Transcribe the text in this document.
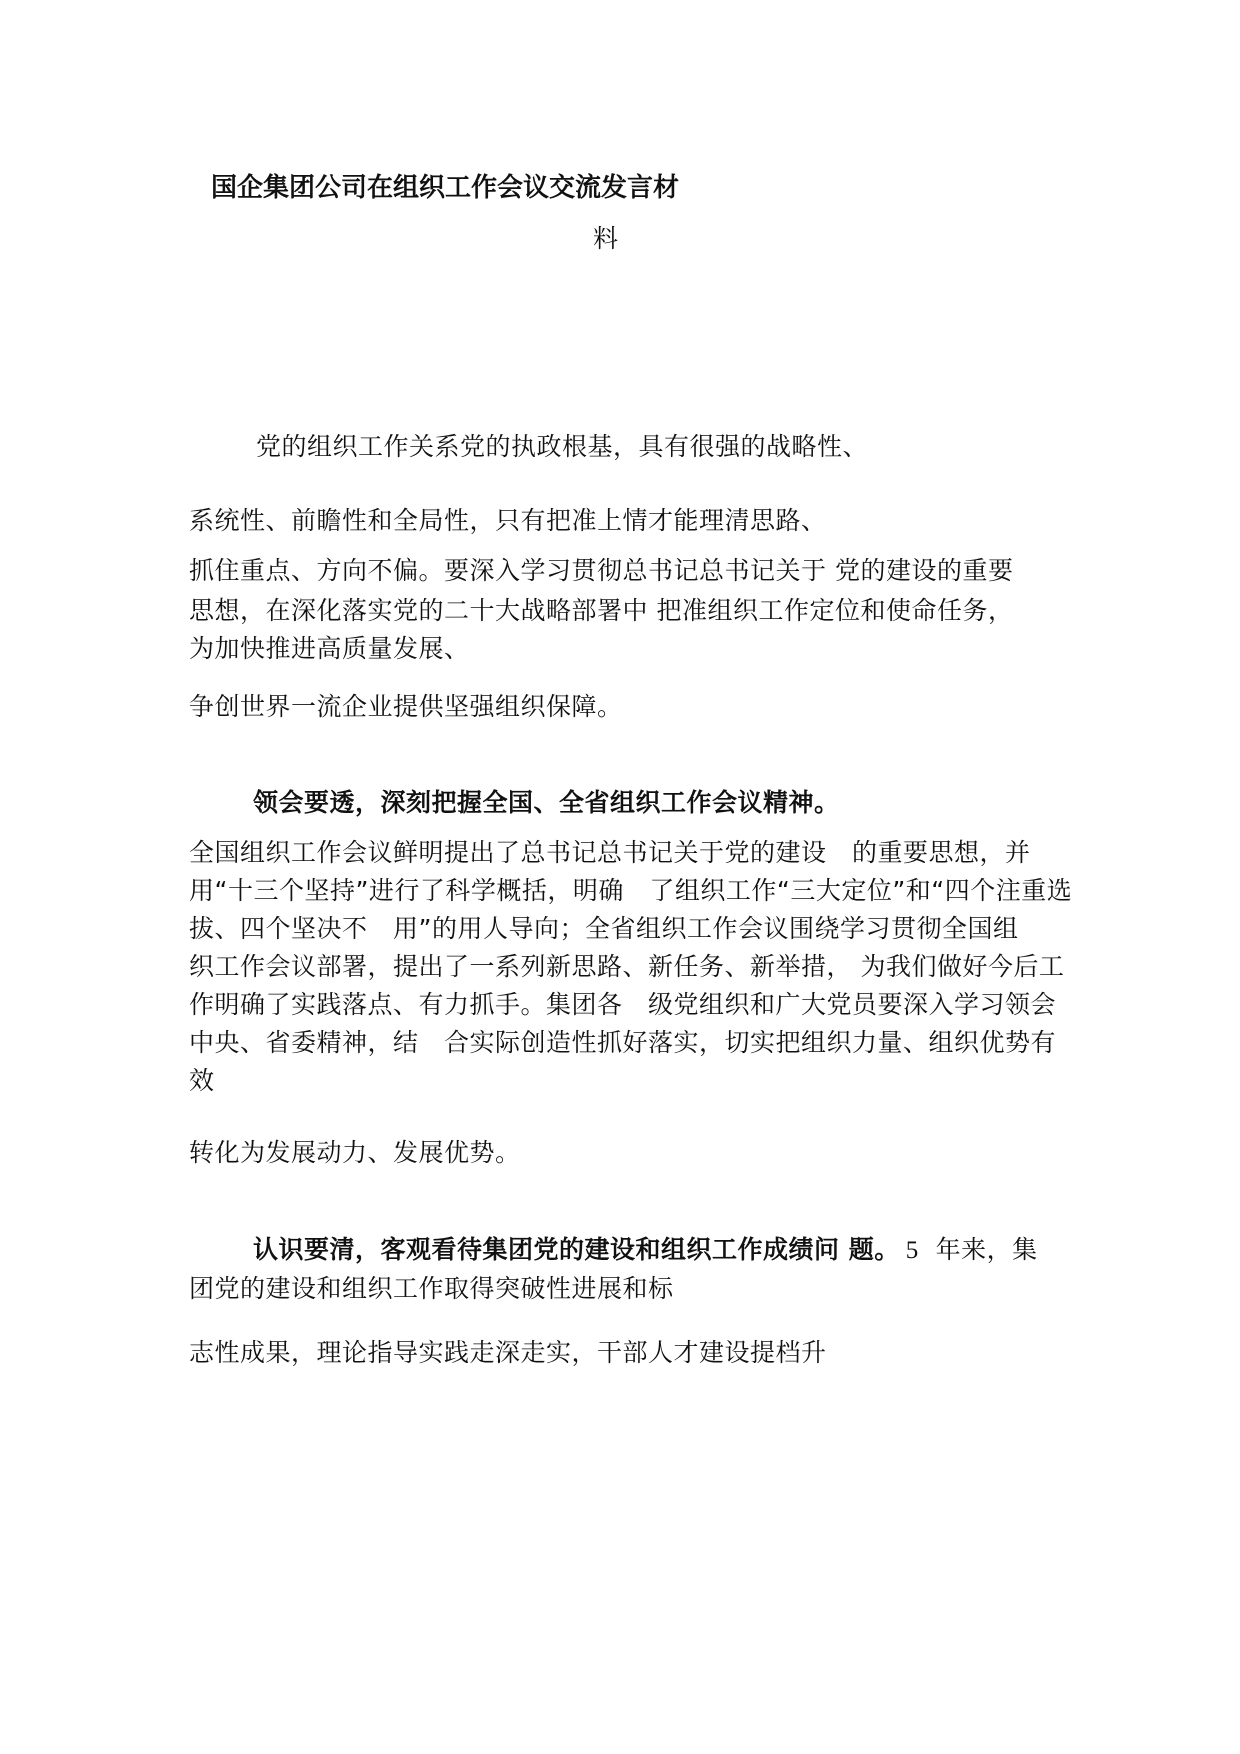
国企集团公司在组织工作会议交流发言材
料
党的组织工作关系党的执政根基，具有很强的战略性、
系统性、前瞻性和全局性，只有把准上情才能理清思路、
抓住重点、方向不偏。要深入学习贯彻总书记总书记关于 党的建设的重要
思想，在深化落实党的二十大战略部署中 把准组织工作定位和使命任务，
为加快推进高质量发展、
争创世界一流企业提供坚强组织保障。
领会要透，深刻把握全国、全省组织工作会议精神。
全国组织工作会议鲜明提出了总书记总书记关于党的建设　的重要思想，并
用“十三个坚持”进行了科学概括，明确　了组织工作“三大定位”和“四个注重选
拔、四个坚决不　用”的用人导向；全省组织工作会议围绕学习贯彻全国组
织工作会议部署，提出了一系列新思路、新任务、新举措， 为我们做好今后工
作明确了实践落点、有力抓手。集团各　级党组织和广大党员要深入学习领会
中央、省委精神，结　合实际创造性抓好落实，切实把组织力量、组织优势有
效
转化为发展动力、发展优势。
认识要清，客观看待集团党的建设和组织工作成绩问 题。 5  年来，集
团党的建设和组织工作取得突破性进展和标
志性成果，理论指导实践走深走实，干部人才建设提档升
